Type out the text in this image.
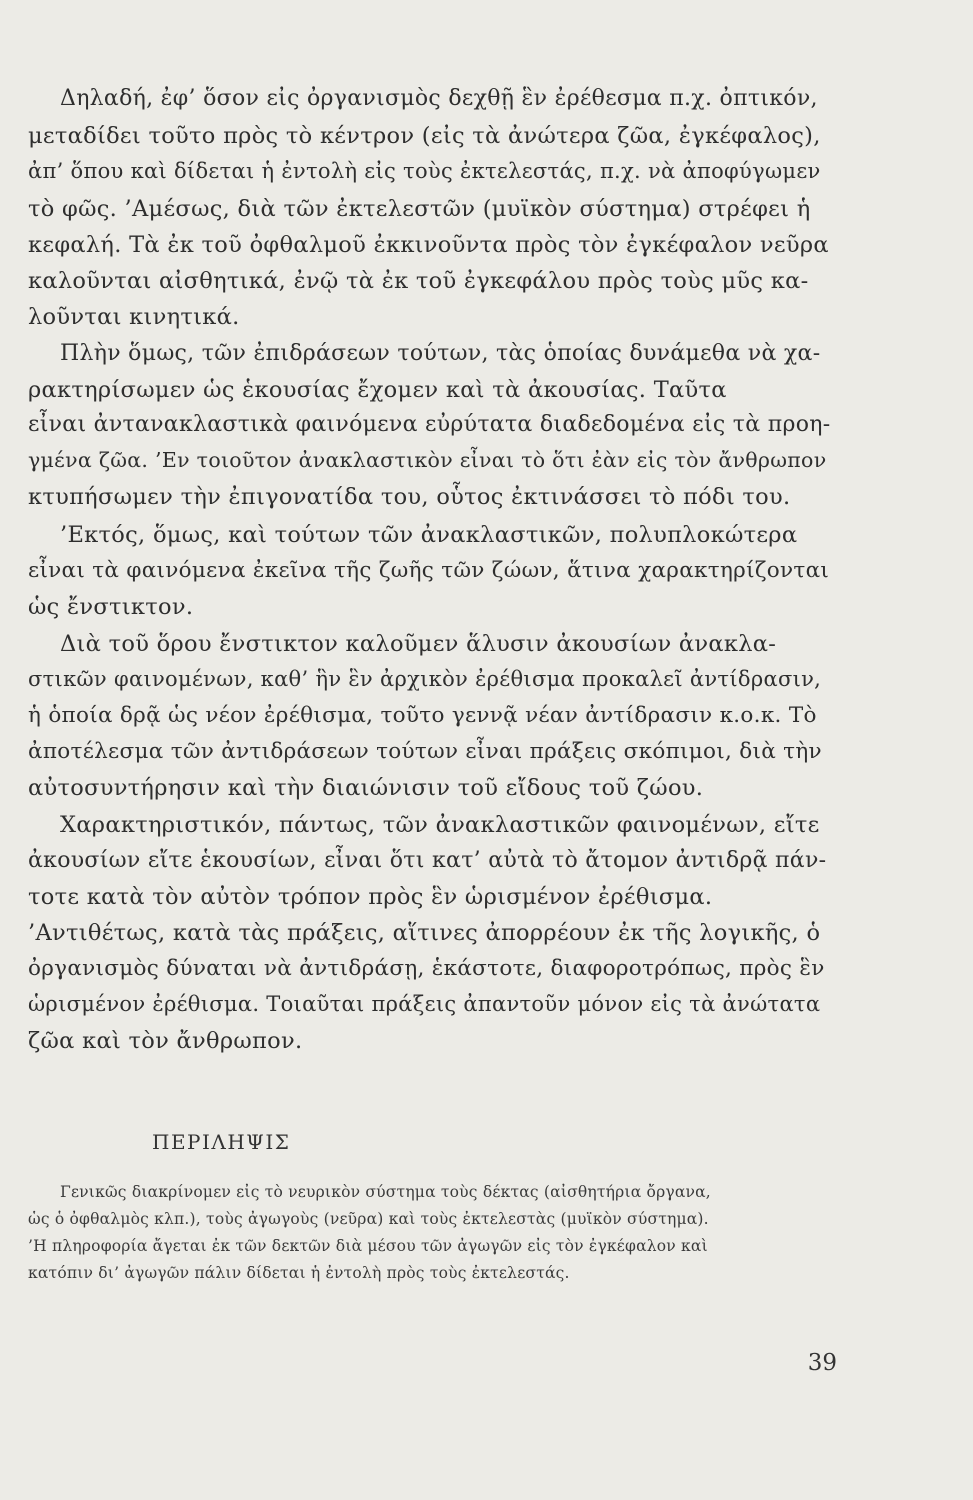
Δηλαδή, ἐφ’ ὅσον εἰς ὀργανισμὸς δεχθῇ ἓν ἐρέθεσμα π.χ. ὀπτικόν,

μεταδίδει τοῦτο πρὸς τὸ κέντρον (εἰς τὰ ἀνώτερα ζῶα, ἐγκέφαλος),

ἀπ’ ὅπου καὶ δίδεται ἡ ἐντολὴ εἰς τοὺς ἐκτελεστάς, π.χ. νὰ ἀποφύγωμεν

τὸ φῶς. ’Αμέσως, διὰ τῶν ἐκτελεστῶν (μυϊκὸν σύστημα) στρέφει ἡ

κεφαλή. Τὰ ἐκ τοῦ ὀφθαλμοῦ ἐκκινοῦντα πρὸς τὸν ἐγκέφαλον νεῦρα

καλοῦνται αἰσθητικά, ἐνῷ τὰ ἐκ τοῦ ἐγκεφάλου πρὸς τοὺς μῦς κα-

λοῦνται κινητικά.

Πλὴν ὅμως, τῶν ἐπιδράσεων τούτων, τὰς ὁποίας δυνάμεθα νὰ χα-

ρακτηρίσωμεν ὡς ἑκουσίας ἔχομεν καὶ τὰ ἀκουσίας. Ταῦτα

εἶναι ἀντανακλαστικὰ φαινόμενα εὐρύτατα διαδεδομένα εἰς τὰ προη-

γμένα ζῶα. ’Εν τοιοῦτον ἀνακλαστικὸν εἶναι τὸ ὅτι ἐὰν εἰς τὸν ἄνθρωπον

κτυπήσωμεν τὴν ἐπιγονατίδα του, οὗτος ἐκτινάσσει τὸ πόδι του.

’Εκτός, ὅμως, καὶ τούτων τῶν ἀνακλαστικῶν, πολυπλοκώτερα

εἶναι τὰ φαινόμενα ἐκεῖνα τῆς ζωῆς τῶν ζώων, ἅτινα χαρακτηρίζονται

ὡς ἔνστικτον.

Διὰ τοῦ ὅρου ἔνστικτον καλοῦμεν ἅλυσιν ἀκουσίων ἀνακλα-

στικῶν φαινομένων, καθ’ ἣν ἓν ἀρχικὸν ἐρέθισμα προκαλεῖ ἀντίδρασιν,

ἡ ὁποία δρᾷ ὡς νέον ἐρέθισμα, τοῦτο γεννᾷ νέαν ἀντίδρασιν κ.ο.κ. Τὸ

ἀποτέλεσμα τῶν ἀντιδράσεων τούτων εἶναι πράξεις σκόπιμοι, διὰ τὴν

αὐτοσυντήρησιν καὶ τὴν διαιώνισιν τοῦ εἴδους τοῦ ζώου.

Χαρακτηριστικόν, πάντως, τῶν ἀνακλαστικῶν φαινομένων, εἴτε

ἀκουσίων εἴτε ἑκουσίων, εἶναι ὅτι κατ’ αὐτὰ τὸ ἄτομον ἀντιδρᾷ πάν-

τοτε κατὰ τὸν αὐτὸν τρόπον πρὸς ἓν ὡρισμένον ἐρέθισμα.

’Αντιθέτως, κατὰ τὰς πράξεις, αἵτινες ἀπορρέουν ἐκ τῆς λογικῆς, ὁ

ὀργανισμὸς δύναται νὰ ἀντιδράσῃ, ἑκάστοτε, διαφοροτρόπως, πρὸς ἓν

ὡρισμένον ἐρέθισμα. Τοιαῦται πράξεις ἀπαντοῦν μόνον εἰς τὰ ἀνώτατα

ζῶα καὶ τὸν ἄνθρωπον.

ΠΕΡΙΛΗΨΙΣ

Γενικῶς διακρίνομεν εἰς τὸ νευρικὸν σύστημα τοὺς δέκτας (αἰσθητήρια ὄργανα,

ὡς ὁ ὀφθαλμὸς κλπ.), τοὺς ἀγωγοὺς (νεῦρα) καὶ τοὺς ἐκτελεστὰς (μυϊκὸν σύστημα).

’Η πληροφορία ἄγεται ἐκ τῶν δεκτῶν διὰ μέσου τῶν ἀγωγῶν εἰς τὸν ἐγκέφαλον καὶ

κατόπιν δι’ ἀγωγῶν πάλιν δίδεται ἡ ἐντολὴ πρὸς τοὺς ἐκτελεστάς.

39
